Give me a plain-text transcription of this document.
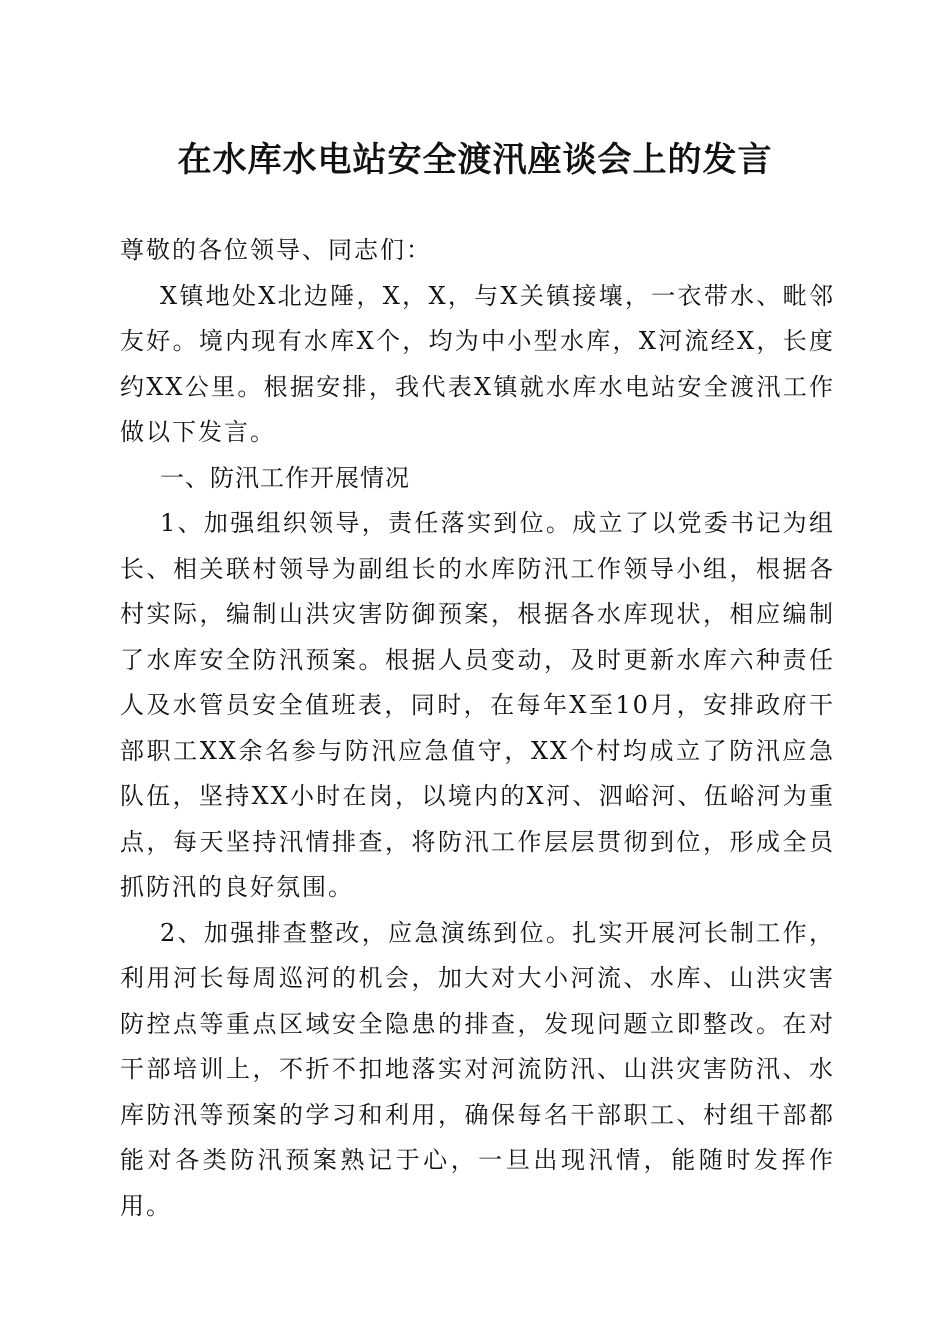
在水库水电站安全渡汛座谈会上的发言

尊敬的各位领导、同志们：

X镇地处X北边陲，X，X，与X关镇接壤，一衣带水、毗邻友好。境内现有水库X个，均为中小型水库，X河流经X，长度约XX公里。根据安排，我代表X镇就水库水电站安全渡汛工作做以下发言。

一、防汛工作开展情况

1、加强组织领导，责任落实到位。成立了以党委书记为组长、相关联村领导为副组长的水库防汛工作领导小组，根据各村实际，编制山洪灾害防御预案，根据各水库现状，相应编制了水库安全防汛预案。根据人员变动，及时更新水库六种责任人及水管员安全值班表，同时，在每年X至10月，安排政府干部职工XX余名参与防汛应急值守，XX个村均成立了防汛应急队伍，坚持XX小时在岗，以境内的X河、泗峪河、伍峪河为重点，每天坚持汛情排查，将防汛工作层层贯彻到位，形成全员抓防汛的良好氛围。

2、加强排查整改，应急演练到位。扎实开展河长制工作，利用河长每周巡河的机会，加大对大小河流、水库、山洪灾害防控点等重点区域安全隐患的排查，发现问题立即整改。在对干部培训上，不折不扣地落实对河流防汛、山洪灾害防汛、水库防汛等预案的学习和利用，确保每名干部职工、村组干部都能对各类防汛预案熟记于心，一旦出现汛情，能随时发挥作用。
